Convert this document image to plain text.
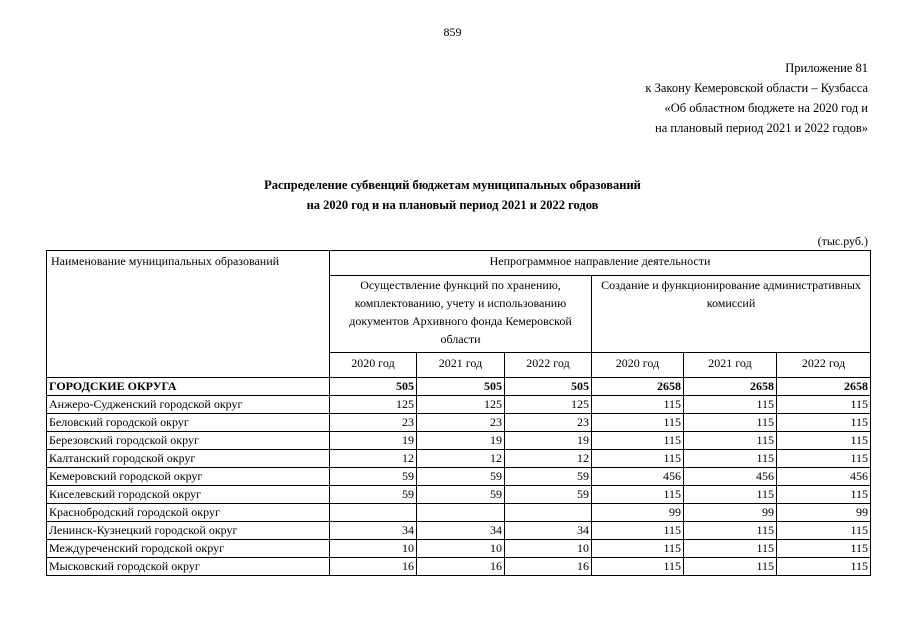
859
Приложение 81
к Закону Кемеровской области – Кузбасса
«Об областном бюджете на 2020 год и
на плановый период 2021 и 2022 годов»
Распределение субвенций бюджетам муниципальных образований
на 2020 год и на плановый период 2021 и 2022 годов
(тыс.руб.)
Наименование муниципальных образований	Непрограммное направление деятельности					
	Осуществление функций по хранению, комплектованию, учету и использованию документов Архивного фонда Кемеровской области			Создание и функционирование административных комиссий		
	2020 год	2021 год	2022 год	2020 год	2021 год	2022 год
ГОРОДСКИЕ ОКРУГА	505	505	505	2658	2658	2658
Анжеро-Судженский городской округ	125	125	125	115	115	115
Беловский городской округ	23	23	23	115	115	115
Березовский городской округ	19	19	19	115	115	115
Калтанский городской округ	12	12	12	115	115	115
Кемеровский городской округ	59	59	59	456	456	456
Киселевский городской округ	59	59	59	115	115	115
Краснобродский городской округ				99	99	99
Ленинск-Кузнецкий городской округ	34	34	34	115	115	115
Междуреченский городской округ	10	10	10	115	115	115
Мысковский городской округ	16	16	16	115	115	115
